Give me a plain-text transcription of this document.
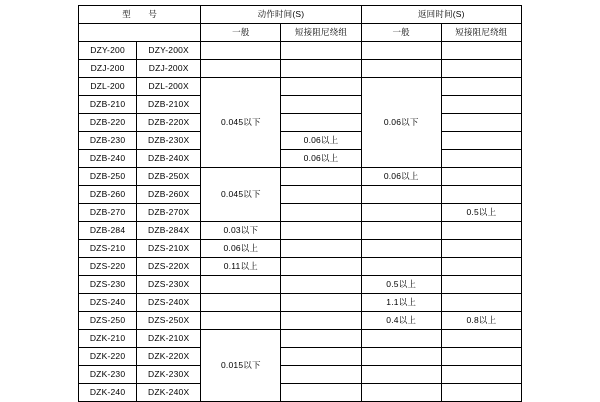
型　　号		动作时间(S)		返回时间(S)	
		一般	短接阻尼绕组	一般	短接阻尼绕组
DZY-200	DZY-200X				
DZJ-200	DZJ-200X				
DZL-200	DZL-200X	0.045以下		0.06以下	
DZB-210	DZB-210X				
DZB-220	DZB-220X				
DZB-230	DZB-230X		0.06以上		
DZB-240	DZB-240X		0.06以上		
DZB-250	DZB-250X	0.045以下		0.06以上	
DZB-260	DZB-260X				
DZB-270	DZB-270X				0.5以上
DZB-284	DZB-284X	0.03以下			
DZS-210	DZS-210X	0.06以上			
DZS-220	DZS-220X	0.11以上			
DZS-230	DZS-230X			0.5以上	
DZS-240	DZS-240X			1.1以上	
DZS-250	DZS-250X			0.4以上	0.8以上
DZK-210	DZK-210X	0.015以下			
DZK-220	DZK-220X				
DZK-230	DZK-230X				
DZK-240	DZK-240X				
